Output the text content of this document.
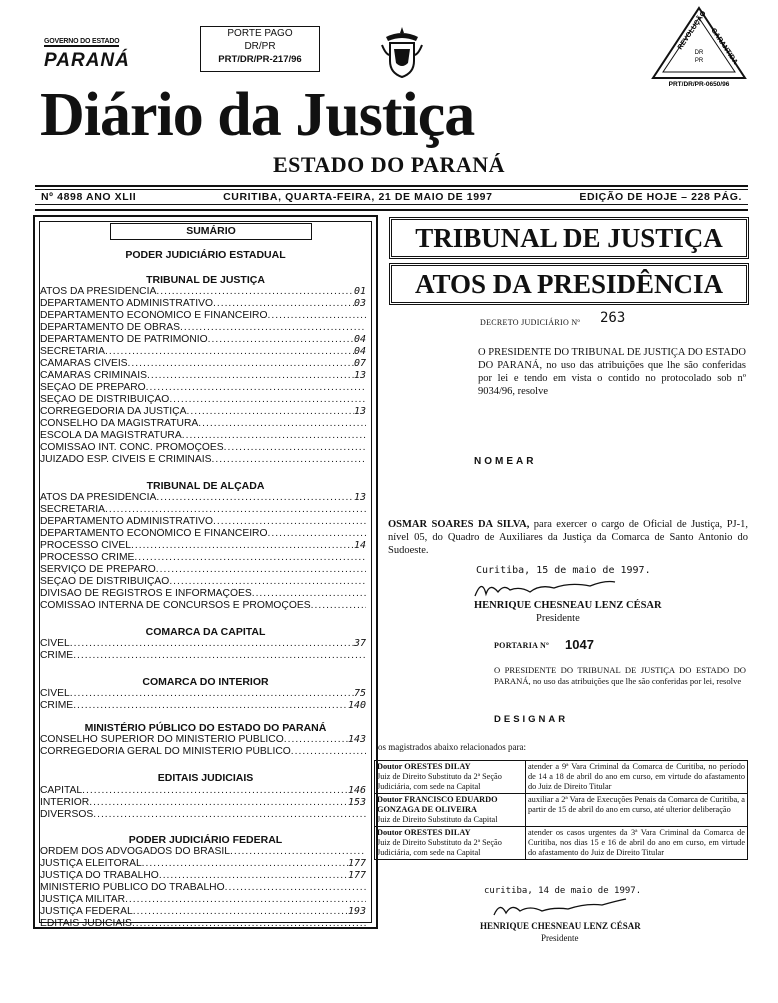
GOVERNO DO ESTADO
PARANÁ
PORTE PAGO
DR/PR
PRT/DR/PR-217/96
REVOLUÇÃO GARANTIDA
DR
PR
PRT/DR/PR-0650/96
Diário da Justiça
ESTADO DO PARANÁ
Nº 4898 ANO XLII	CURITIBA, QUARTA-FEIRA, 21 DE MAIO DE 1997	EDIÇÃO DE HOJE – 228 PÁG.
SUMÁRIO
PODER JUDICIÁRIO ESTADUAL
TRIBUNAL DE JUSTIÇA
ATOS DA PRESIDÊNCIA .....	01
DEPARTAMENTO ADMINISTRATIVO .....	03
DEPARTAMENTO ECONÔMICO E FINANCEIRO
.....
DEPARTAMENTO DE OBRAS
.....
DEPARTAMENTO DE PATRIMÔNIO .....	04
SECRETARIA .....	04
CÂMARAS CÍVEIS .....	07
CÂMARAS CRIMINAIS .....	13
SEÇÃO DE PREPARO
.....
SEÇÃO DE DISTRIBUIÇÃO
.....
CORREGEDORIA DA JUSTIÇA .....	13
CONSELHO DA MAGISTRATURA
.....
ESCOLA DA MAGISTRATURA
.....
COMISSÃO INT. CONC. PROMOÇÕES
.....
JUIZADO ESP. CÍVEIS E CRIMINAIS
.....
TRIBUNAL DE ALÇADA
ATOS DA PRESIDÊNCIA .....	13
SECRETARIA
.....
DEPARTAMENTO ADMINISTRATIVO
.....
DEPARTAMENTO ECONÔMICO E FINANCEIRO
.....
PROCESSO CÍVEL .....	14
PROCESSO CRIME
.....
SERVIÇO DE PREPARO
.....
SEÇÃO DE DISTRIBUIÇÃO
.....
DIVISÃO DE REGISTROS E INFORMAÇÕES
.....
COMISSÃO INTERNA DE CONCURSOS E PROMOÇÕES
.....
COMARCA DA CAPITAL
CÍVEL .....	37
CRIME
.....
COMARCA DO INTERIOR
CÍVEL .....	75
CRIME .....	140
MINISTÉRIO PÚBLICO DO ESTADO DO PARANÁ
CONSELHO SUPERIOR DO MINISTÉRIO PÚBLICO .....	143
CORREGEDORIA GERAL DO MINISTÉRIO PÚBLICO
.....
EDITAIS JUDICIAIS
CAPITAL .....	146
INTERIOR .....	153
DIVERSOS
.....
PODER JUDICIÁRIO FEDERAL
ORDEM DOS ADVOGADOS DO BRASIL
.....
JUSTIÇA ELEITORAL .....	177
JUSTIÇA DO TRABALHO .....	177
MINISTÉRIO PÚBLICO DO TRABALHO
.....
JUSTIÇA MILITAR
.....
JUSTIÇA FEDERAL .....	193
EDITAIS JUDICIAIS
.....
TRIBUNAL DE JUSTIÇA
ATOS DA PRESIDÊNCIA
DECRETO JUDICIÁRIO Nº 263
O PRESIDENTE DO TRIBUNAL DE JUSTIÇA DO ESTADO DO PARANÁ, no uso das atribuições que lhe são conferidas por lei e tendo em vista o contido no protocolado sob nº 9034/96, resolve
NOMEAR
OSMAR SOARES DA SILVA, para exercer o cargo de Oficial de Justiça, PJ-1, nível 05, do Quadro de Auxiliares da Justiça da Comarca de Santo Antonio do Sudoeste.
Curitiba, 15 de maio de 1997.
HENRIQUE CHESNEAU LENZ CÉSAR
Presidente
PORTARIA Nº 1047
O PRESIDENTE DO TRIBUNAL DE JUSTIÇA DO ESTADO DO PARANÁ, no uso das atribuições que lhe são conferidas por lei, resolve
DESIGNAR
os magistrados abaixo relacionados para:
Doutor ORESTES DILAY
Juiz de Direito Substituto da 2ª Seção Judiciária, com sede na Capital	atender a 9ª Vara Criminal da Comarca de Curitiba, no período de 14 a 18 de abril do ano em curso, em virtude do afastamento do Juiz de Direito Titular
Doutor FRANCISCO EDUARDO GONZAGA DE OLIVEIRA
Juiz de Direito Substituto da Capital	auxiliar a 2ª Vara de Execuções Penais da Comarca de Curitiba, a partir de 15 de abril do ano em curso, até ulterior deliberação
Doutor ORESTES DILAY
Juiz de Direito Substituto da 2ª Seção Judiciária, com sede na Capital	atender os casos urgentes da 3ª Vara Criminal da Comarca de Curitiba, nos dias 15 e 16 de abril do ano em curso, em virtude do afastamento do Juiz de Direito Titular
curitiba, 14 de maio de 1997.
HENRIQUE CHESNEAU LENZ CÉSAR
Presidente
